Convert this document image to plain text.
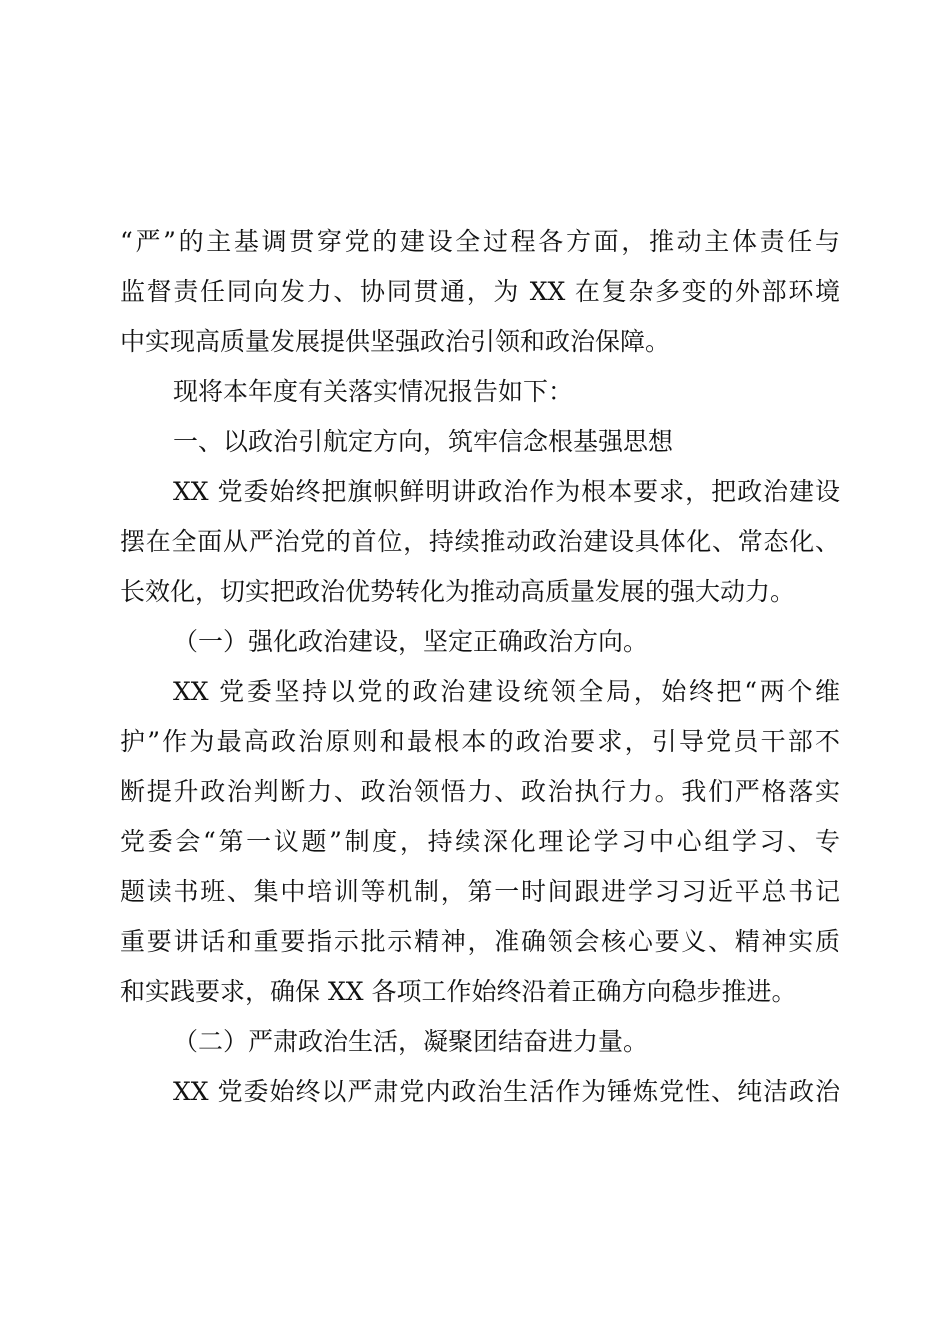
“严”的主基调贯穿党的建设全过程各方面，推动主体责任与
监督责任同向发力、协同贯通，为 XX 在复杂多变的外部环境
中实现高质量发展提供坚强政治引领和政治保障。
现将本年度有关落实情况报告如下：
一、以政治引航定方向，筑牢信念根基强思想
XX 党委始终把旗帜鲜明讲政治作为根本要求，把政治建设
摆在全面从严治党的首位，持续推动政治建设具体化、常态化、
长效化，切实把政治优势转化为推动高质量发展的强大动力。
（一）强化政治建设，坚定正确政治方向。
XX 党委坚持以党的政治建设统领全局，始终把“两个维
护”作为最高政治原则和最根本的政治要求，引导党员干部不
断提升政治判断力、政治领悟力、政治执行力。我们严格落实
党委会“第一议题”制度，持续深化理论学习中心组学习、专
题读书班、集中培训等机制，第一时间跟进学习习近平总书记
重要讲话和重要指示批示精神，准确领会核心要义、精神实质
和实践要求，确保 XX 各项工作始终沿着正确方向稳步推进。
（二）严肃政治生活，凝聚团结奋进力量。
XX 党委始终以严肃党内政治生活作为锤炼党性、纯洁政治
